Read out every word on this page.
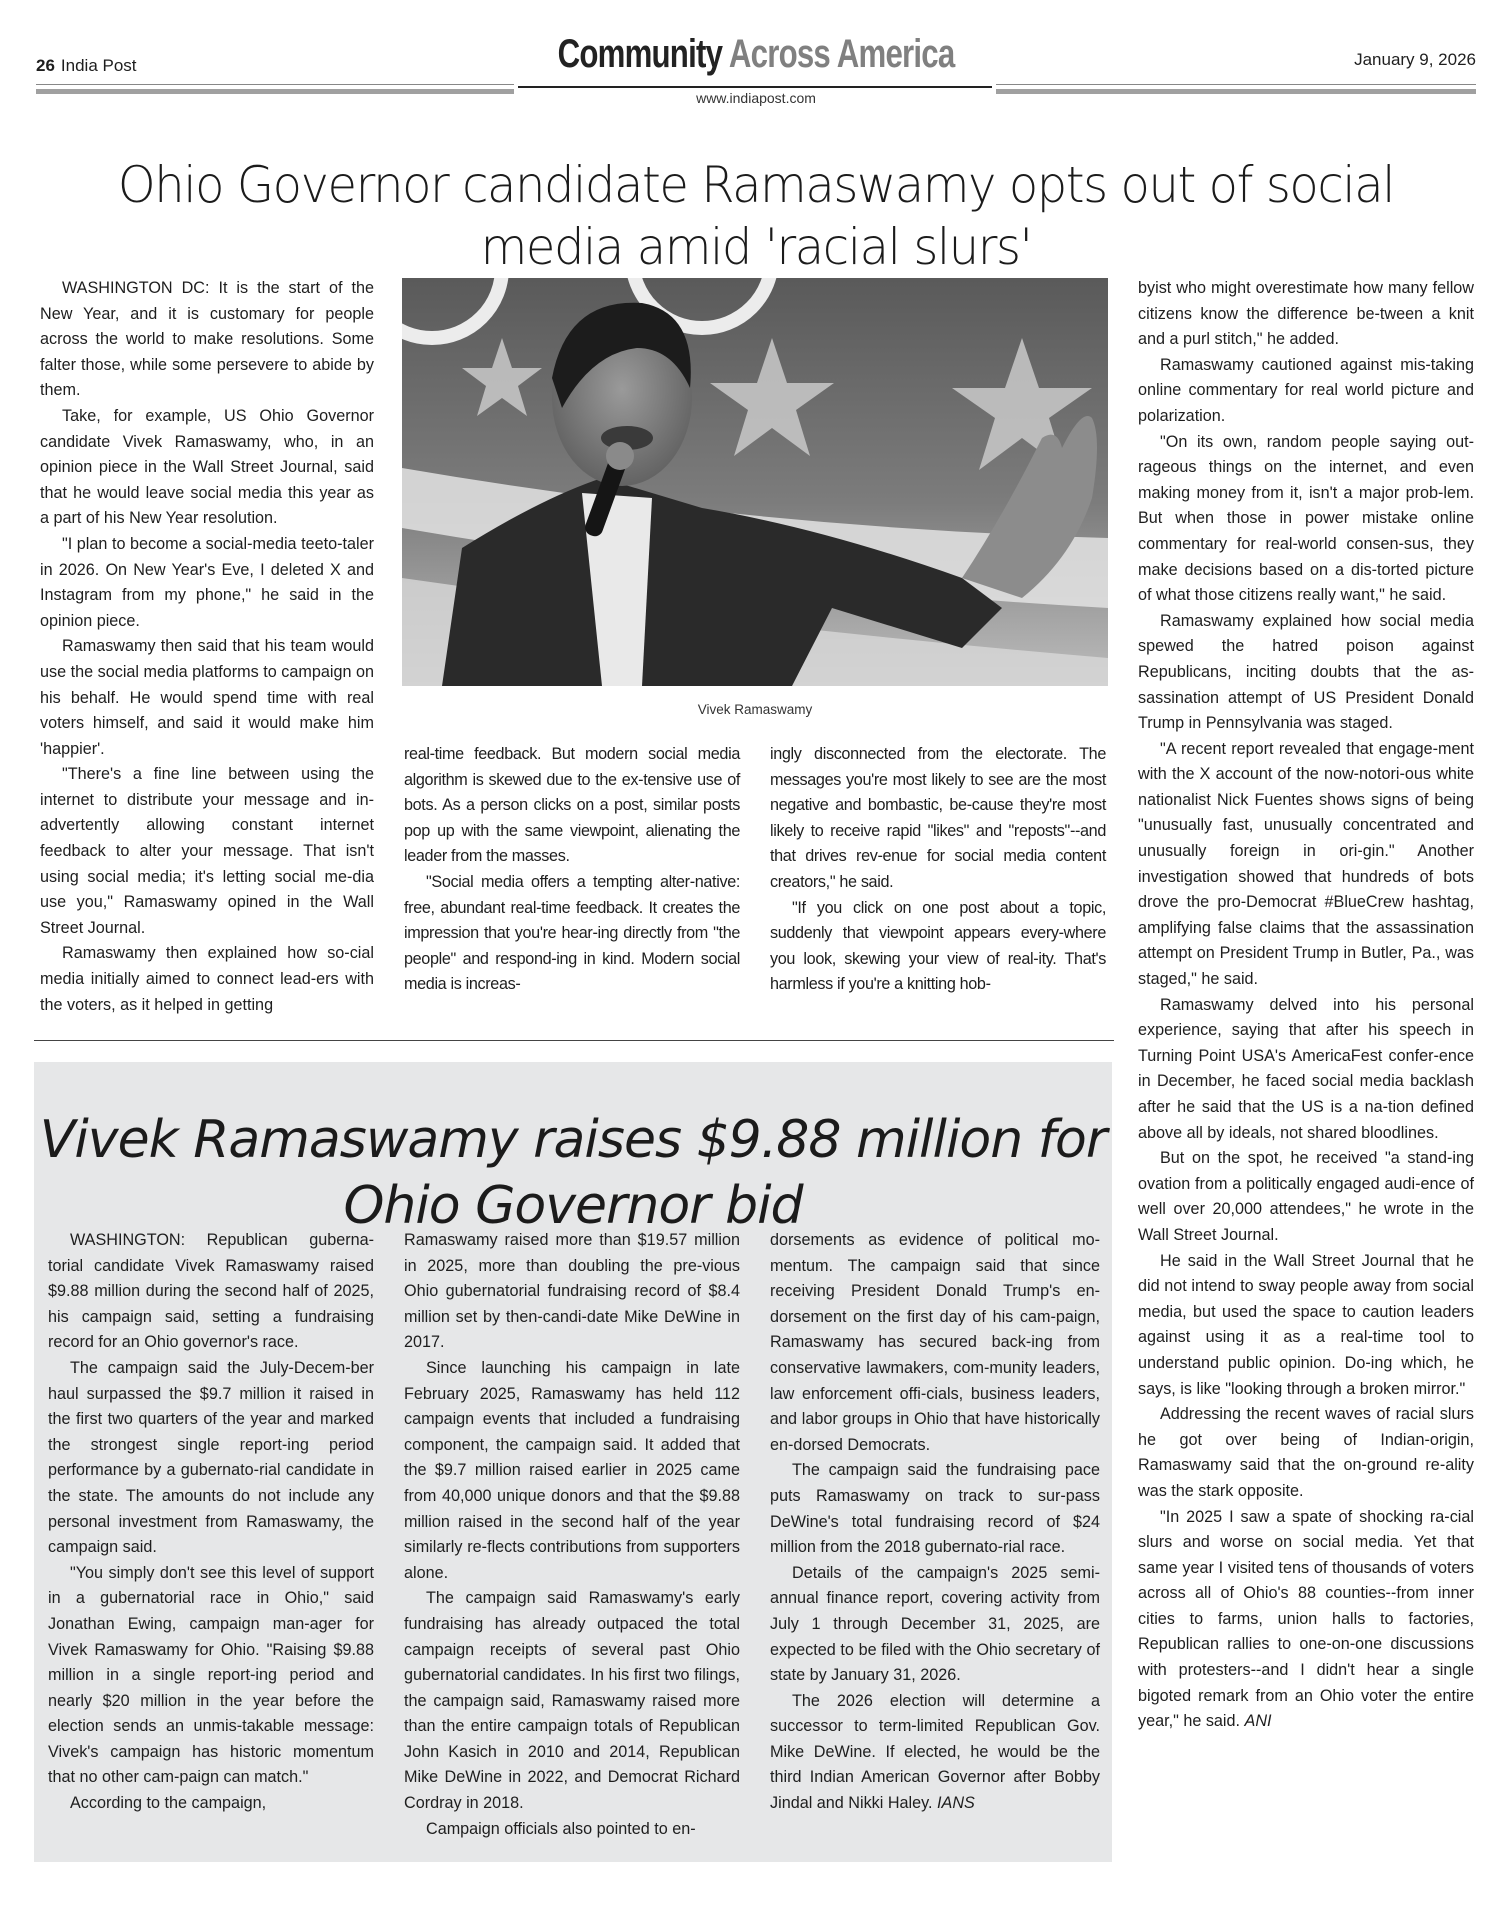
26 India Post	Community Across America	January 9, 2026
www.indiapost.com
Ohio Governor candidate Ramaswamy opts out of social media amid 'racial slurs'

WASHINGTON DC: It is the start of the New Year, and it is customary for people across the world to make resolutions. Some falter those, while some persevere to abide by them.

Take, for example, US Ohio Governor candidate Vivek Ramaswamy, who, in an opinion piece in the Wall Street Journal, said that he would leave social media this year as a part of his New Year resolution.

"I plan to become a social-media teeto-taler in 2026. On New Year's Eve, I deleted X and Instagram from my phone," he said in the opinion piece.

Ramaswamy then said that his team would use the social media platforms to campaign on his behalf. He would spend time with real voters himself, and said it would make him 'happier'.

"There's a fine line between using the internet to distribute your message and in-advertently allowing constant internet feedback to alter your message. That isn't using social media; it's letting social me-dia use you," Ramaswamy opined in the Wall Street Journal.

Ramaswamy then explained how so-cial media initially aimed to connect lead-ers with the voters, as it helped in getting

Vivek Ramaswamy

real-time feedback. But modern social media algorithm is skewed due to the ex-tensive use of bots. As a person clicks on a post, similar posts pop up with the same viewpoint, alienating the leader from the masses.

"Social media offers a tempting alter-native: free, abundant real-time feedback. It creates the impression that you're hear-ing directly from "the people" and respond-ing in kind. Modern social media is increas-

ingly disconnected from the electorate. The messages you're most likely to see are the most negative and bombastic, be-cause they're most likely to receive rapid "likes" and "reposts"--and that drives rev-enue for social media content creators," he said.

"If you click on one post about a topic, suddenly that viewpoint appears every-where you look, skewing your view of real-ity. That's harmless if you're a knitting hob-

byist who might overestimate how many fellow citizens know the difference be-tween a knit and a purl stitch," he added.

Ramaswamy cautioned against mis-taking online commentary for real world picture and polarization.

"On its own, random people saying out-rageous things on the internet, and even making money from it, isn't a major prob-lem. But when those in power mistake online commentary for real-world consen-sus, they make decisions based on a dis-torted picture of what those citizens really want," he said.

Ramaswamy explained how social media spewed the hatred poison against Republicans, inciting doubts that the as-sassination attempt of US President Donald Trump in Pennsylvania was staged.

"A recent report revealed that engage-ment with the X account of the now-notori-ous white nationalist Nick Fuentes shows signs of being "unusually fast, unusually concentrated and unusually foreign in ori-gin." Another investigation showed that hundreds of bots drove the pro-Democrat #BlueCrew hashtag, amplifying false claims that the assassination attempt on President Trump in Butler, Pa., was staged," he said.

Ramaswamy delved into his personal experience, saying that after his speech in Turning Point USA's AmericaFest confer-ence in December, he faced social media backlash after he said that the US is a na-tion defined above all by ideals, not shared bloodlines.

But on the spot, he received "a stand-ing ovation from a politically engaged audi-ence of well over 20,000 attendees," he wrote in the Wall Street Journal.

He said in the Wall Street Journal that he did not intend to sway people away from social media, but used the space to caution leaders against using it as a real-time tool to understand public opinion. Do-ing which, he says, is like "looking through a broken mirror."

Addressing the recent waves of racial slurs he got over being of Indian-origin, Ramaswamy said that the on-ground re-ality was the stark opposite.

"In 2025 I saw a spate of shocking ra-cial slurs and worse on social media. Yet that same year I visited tens of thousands of voters across all of Ohio's 88 counties--from inner cities to farms, union halls to factories, Republican rallies to one-on-one discussions with protesters--and I didn't hear a single bigoted remark from an Ohio voter the entire year," he said. ANI

Vivek Ramaswamy raises $9.88 million for Ohio Governor bid

WASHINGTON: Republican guberna-torial candidate Vivek Ramaswamy raised $9.88 million during the second half of 2025, his campaign said, setting a fundraising record for an Ohio governor's race.

The campaign said the July-Decem-ber haul surpassed the $9.7 million it raised in the first two quarters of the year and marked the strongest single report-ing period performance by a gubernato-rial candidate in the state. The amounts do not include any personal investment from Ramaswamy, the campaign said.

"You simply don't see this level of support in a gubernatorial race in Ohio," said Jonathan Ewing, campaign man-ager for Vivek Ramaswamy for Ohio. "Raising $9.88 million in a single report-ing period and nearly $20 million in the year before the election sends an unmis-takable message: Vivek's campaign has historic momentum that no other cam-paign can match."

According to the campaign,

Ramaswamy raised more than $19.57 million in 2025, more than doubling the pre-vious Ohio gubernatorial fundraising record of $8.4 million set by then-candi-date Mike DeWine in 2017.

Since launching his campaign in late February 2025, Ramaswamy has held 112 campaign events that included a fundraising component, the campaign said. It added that the $9.7 million raised earlier in 2025 came from 40,000 unique donors and that the $9.88 million raised in the second half of the year similarly re-flects contributions from supporters alone.

The campaign said Ramaswamy's early fundraising has already outpaced the total campaign receipts of several past Ohio gubernatorial candidates. In his first two filings, the campaign said, Ramaswamy raised more than the entire campaign totals of Republican John Kasich in 2010 and 2014, Republican Mike DeWine in 2022, and Democrat Richard Cordray in 2018.

Campaign officials also pointed to en-

dorsements as evidence of political mo-mentum. The campaign said that since receiving President Donald Trump's en-dorsement on the first day of his cam-paign, Ramaswamy has secured back-ing from conservative lawmakers, com-munity leaders, law enforcement offi-cials, business leaders, and labor groups in Ohio that have historically en-dorsed Democrats.

The campaign said the fundraising pace puts Ramaswamy on track to sur-pass DeWine's total fundraising record of $24 million from the 2018 gubernato-rial race.

Details of the campaign's 2025 semi-annual finance report, covering activity from July 1 through December 31, 2025, are expected to be filed with the Ohio secretary of state by January 31, 2026.

The 2026 election will determine a successor to term-limited Republican Gov. Mike DeWine. If elected, he would be the third Indian American Governor after Bobby Jindal and Nikki Haley. IANS
